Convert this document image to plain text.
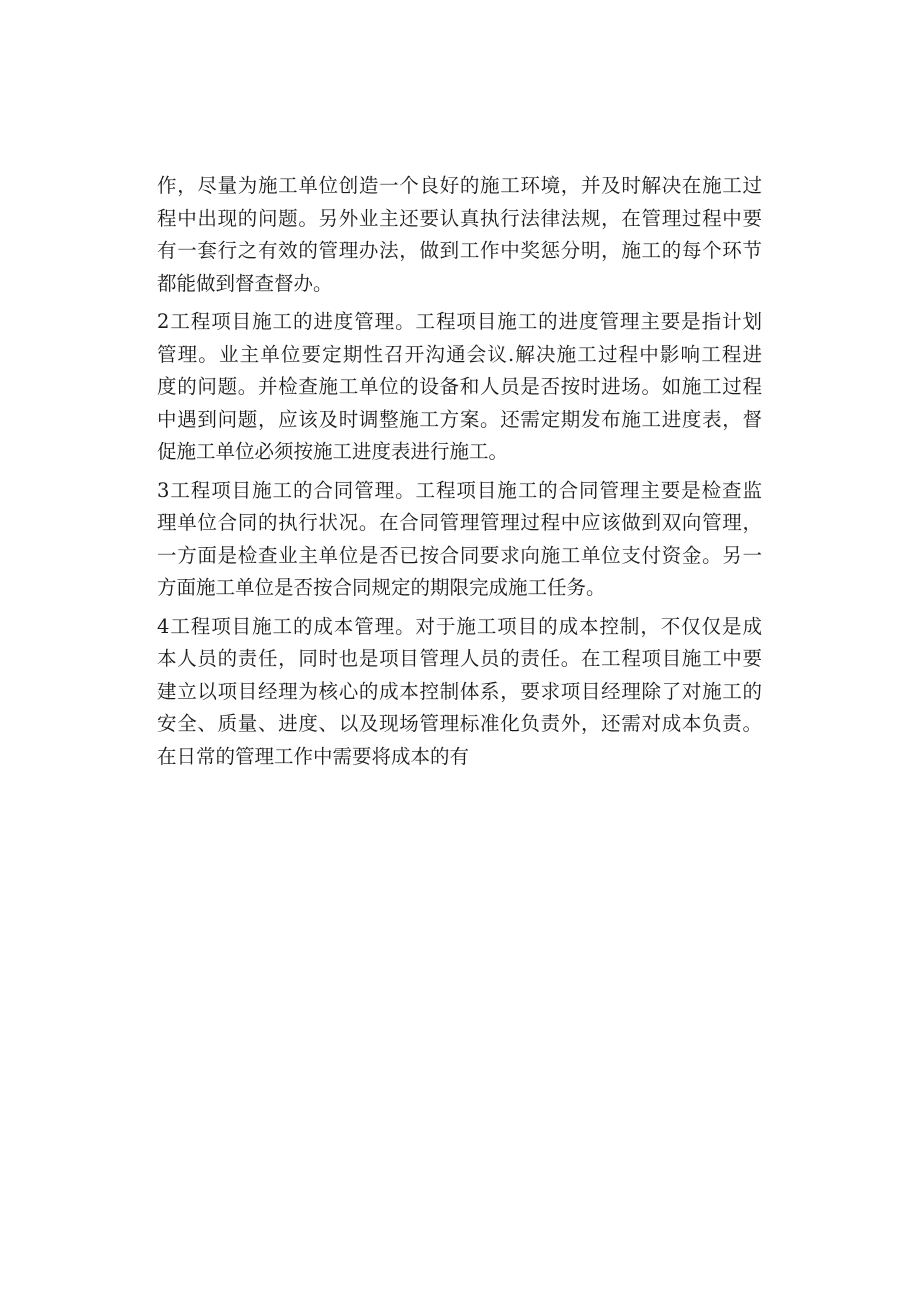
作，尽量为施工单位创造一个良好的施工环境，并及时解决在施工过
程中出现的问题。另外业主还要认真执行法律法规，在管理过程中要
有一套行之有效的管理办法，做到工作中奖惩分明，施工的每个环节
都能做到督查督办。
2工程项目施工的进度管理。工程项目施工的进度管理主要是指计划
管理。业主单位要定期性召开沟通会议.解决施工过程中影响工程进
度的问题。并检查施工单位的设备和人员是否按时进场。如施工过程
中遇到问题，应该及时调整施工方案。还需定期发布施工进度表，督
促施工单位必须按施工进度表进行施工。
3工程项目施工的合同管理。工程项目施工的合同管理主要是检查监
理单位合同的执行状况。在合同管理管理过程中应该做到双向管理，
一方面是检查业主单位是否已按合同要求向施工单位支付资金。另一
方面施工单位是否按合同规定的期限完成施工任务。
4工程项目施工的成本管理。对于施工项目的成本控制，不仅仅是成
本人员的责任，同时也是项目管理人员的责任。在工程项目施工中要
建立以项目经理为核心的成本控制体系，要求项目经理除了对施工的
安全、质量、进度、以及现场管理标准化负责外，还需对成本负责。
在日常的管理工作中需要将成本的有
